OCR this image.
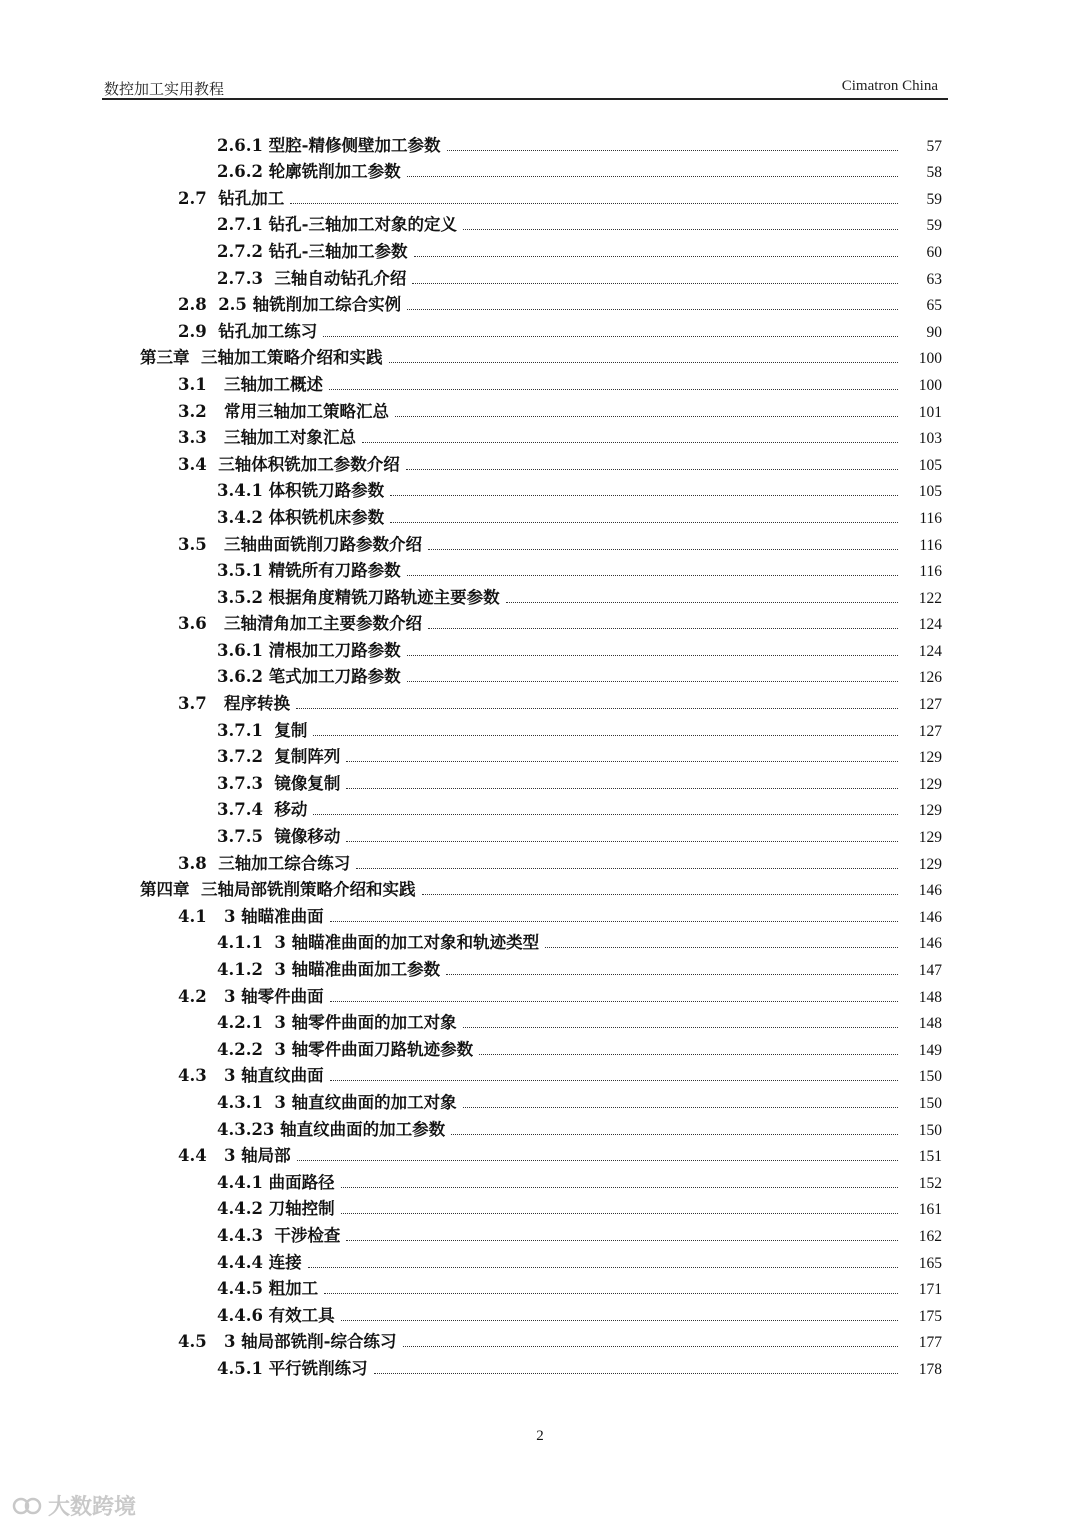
数控加工实用教程	Cimatron China
2.6.1 型腔-精修侧壁加工参数	57
2.6.2 轮廓铣削加工参数	58
2.7  钻孔加工	59
2.7.1 钻孔-三轴加工对象的定义	59
2.7.2 钻孔-三轴加工参数	60
2.7.3  三轴自动钻孔介绍	63
2.8  2.5 轴铣削加工综合实例	65
2.9  钻孔加工练习	90
第三章  三轴加工策略介绍和实践	100
3.1   三轴加工概述	100
3.2   常用三轴加工策略汇总	101
3.3   三轴加工对象汇总	103
3.4  三轴体积铣加工参数介绍	105
3.4.1 体积铣刀路参数	105
3.4.2 体积铣机床参数	116
3.5   三轴曲面铣削刀路参数介绍	116
3.5.1 精铣所有刀路参数	116
3.5.2 根据角度精铣刀路轨迹主要参数	122
3.6   三轴清角加工主要参数介绍	124
3.6.1 清根加工刀路参数	124
3.6.2 笔式加工刀路参数	126
3.7   程序转换	127
3.7.1  复制	127
3.7.2  复制阵列	129
3.7.3  镜像复制	129
3.7.4  移动	129
3.7.5  镜像移动	129
3.8  三轴加工综合练习	129
第四章  三轴局部铣削策略介绍和实践	146
4.1   3 轴瞄准曲面	146
4.1.1  3 轴瞄准曲面的加工对象和轨迹类型	146
4.1.2  3 轴瞄准曲面加工参数	147
4.2   3 轴零件曲面	148
4.2.1  3 轴零件曲面的加工对象	148
4.2.2  3 轴零件曲面刀路轨迹参数	149
4.3   3 轴直纹曲面	150
4.3.1  3 轴直纹曲面的加工对象	150
4.3.23 轴直纹曲面的加工参数	150
4.4   3 轴局部	151
4.4.1 曲面路径	152
4.4.2 刀轴控制	161
4.4.3  干涉检查	162
4.4.4 连接	165
4.4.5 粗加工	171
4.4.6 有效工具	175
4.5   3 轴局部铣削-综合练习	177
4.5.1 平行铣削练习	178
2
大数跨境
